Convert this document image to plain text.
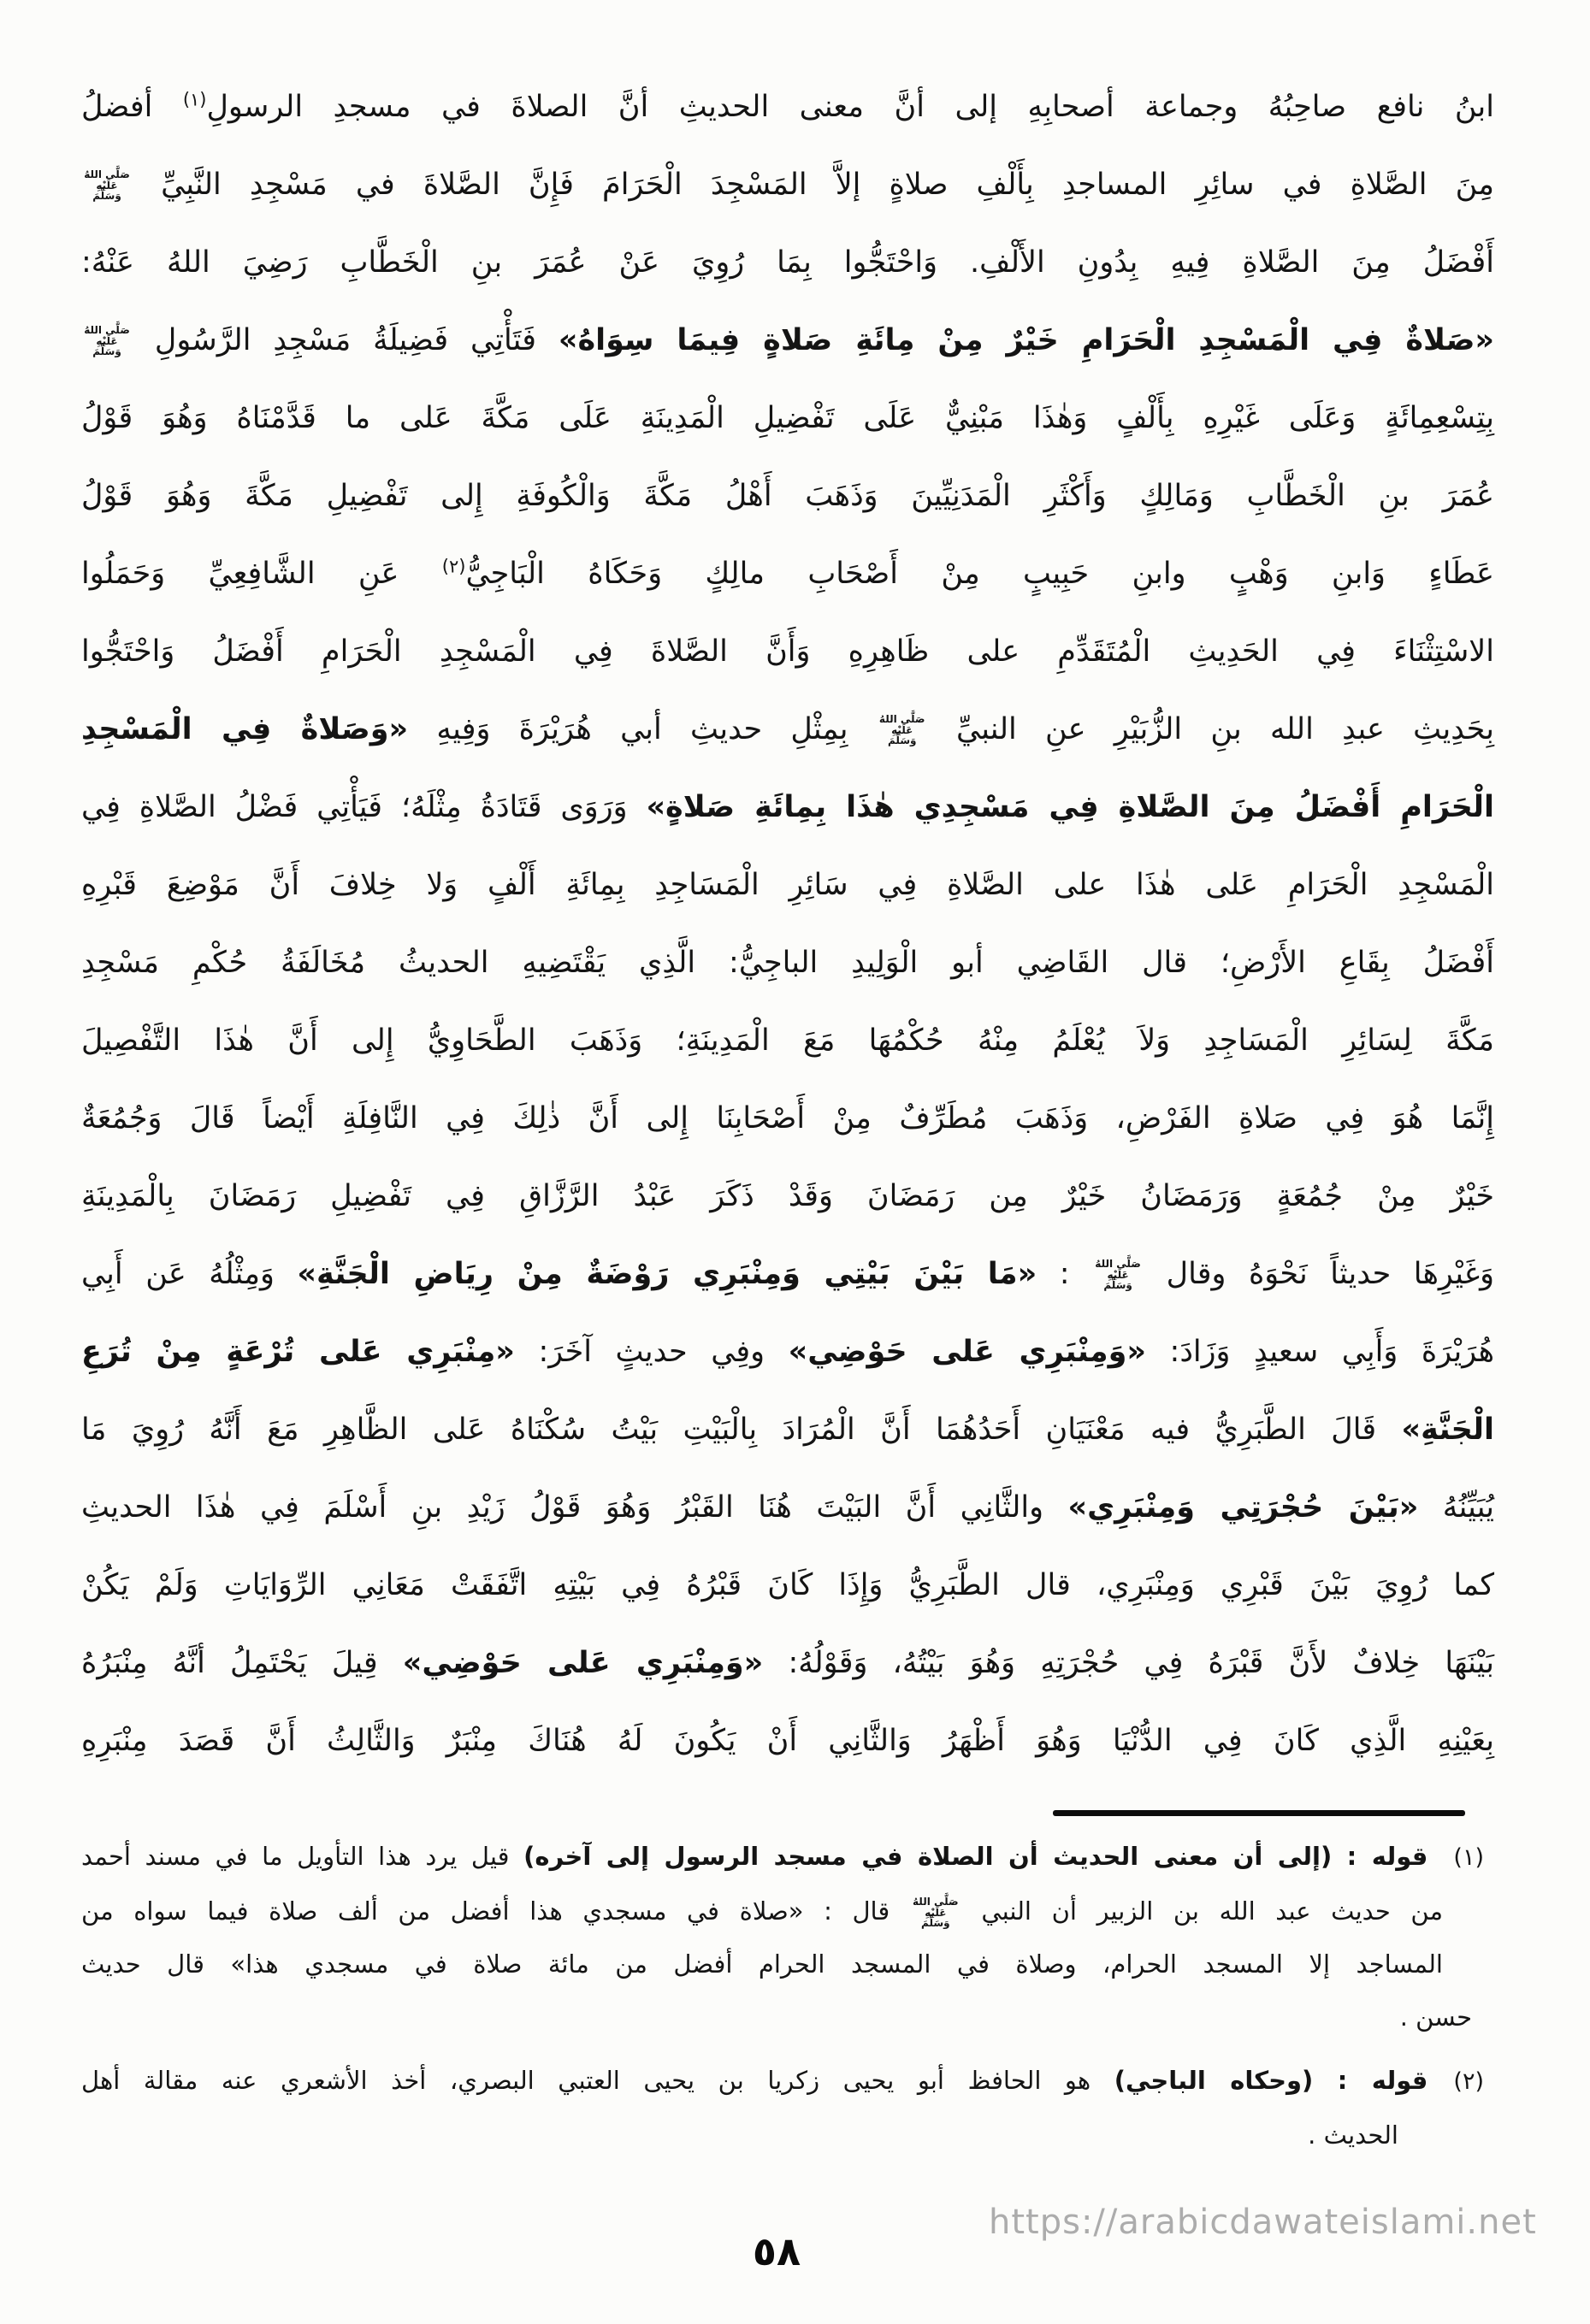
ابنُ نافع صاحِبُهُ وجماعة أصحابِهِ إلى أنَّ معنى الحديثِ أنَّ الصلاةَ في مسجدِ الرسولِ$^{(١)}$ أفضلُ
مِنَ الصَّلاةِ في سائِرِ المساجدِ بِأَلْفِ صلاةٍ إلاَّ المَسْجِدَ الْحَرَامَ فَإِنَّ الصَّلاةَ في مَسْجِدِ النَّبِيِّ
صَلَّى اللهُ
عَلَيْهِ
وَسَلَّمَ
أَفْضَلُ مِنَ الصَّلاةِ فِيهِ بِدُونِ الأَلْفِ. وَاحْتَجُّوا بِمَا رُوِيَ عَنْ عُمَرَ بنِ الْخَطَّابِ رَضِيَ اللهُ عَنْهُ:
«صَلاةٌ فِي الْمَسْجِدِ الْحَرَامِ خَيْرٌ مِنْ مِائَةِ صَلاةٍ فِيمَا سِوَاهُ» فَتَأْتِي فَضِيلَةُ مَسْجِدِ الرَّسُولِ
صَلَّى اللهُ
عَلَيْهِ
وَسَلَّمَ
بِتِسْعِمِائَةٍ وَعَلَى غَيْرِهِ بِأَلْفٍ وَهٰذَا مَبْنِيٌّ عَلَى تَفْضِيلِ الْمَدِينَةِ عَلَى مَكَّةَ عَلى ما قَدَّمْنَاهُ وَهُوَ قَوْلُ
عُمَرَ بنِ الْخَطَّابِ وَمَالِكٍ وَأَكْثَرِ الْمَدَنِيِّينَ وَذَهَبَ أَهْلُ مَكَّةَ وَالْكُوفَةِ إِلى تَفْضِيلِ مَكَّةَ وَهُوَ قَوْلُ
عَطَاءٍ وَابنِ وَهْبٍ وابنِ حَبِيبٍ مِنْ أَصْحَابِ مالِكٍ وَحَكَاهُ الْبَاجِيُّ$^{(٢)}$ عَنِ الشَّافِعِيِّ وَحَمَلُوا
الاسْتِثْنَاءَ فِي الحَدِيثِ الْمُتَقَدِّمِ على ظَاهِرِهِ وَأَنَّ الصَّلاةَ فِي الْمَسْجِدِ الْحَرَامِ أَفْضَلُ وَاحْتَجُّوا
بِحَدِيثِ عبدِ الله بنِ الزُّبَيْرِ عنِ النبيِّ
صَلَّى اللهُ
عَلَيْهِ
وَسَلَّمَ
بِمِثْلِ حديثِ أبي هُرَيْرَةَ وَفِيهِ «وَصَلاةٌ فِي الْمَسْجِدِ
الْحَرَامِ أَفْضَلُ مِنَ الصَّلاةِ فِي مَسْجِدِي هٰذَا بِمِائَةِ صَلاةٍ» وَرَوَى قَتَادَةُ مِثْلَهُ؛ فَيَأْتِي فَضْلُ الصَّلاةِ فِي
الْمَسْجِدِ الْحَرَامِ عَلى هٰذَا على الصَّلاةِ فِي سَائِرِ الْمَسَاجِدِ بِمِائَةِ أَلْفٍ وَلا خِلافَ أَنَّ مَوْضِعَ قَبْرِهِ
أَفْضَلُ بِقَاعِ الأَرْضِ؛ قال القَاضِي أبو الْوَلِيدِ الباجِيُّ: الَّذِي يَقْتَضِيهِ الحديثُ مُخَالَفَةُ حُكْمِ مَسْجِدِ
مَكَّةَ لِسَائِرِ الْمَسَاجِدِ وَلاَ يُعْلَمُ مِنْهُ حُكْمُهَا مَعَ الْمَدِينَةِ؛ وَذَهَبَ الطَّحَاوِيُّ إِلى أَنَّ هٰذَا التَّفْصِيلَ
إِنَّمَا هُوَ فِي صَلاةِ الفَرْضِ، وَذَهَبَ مُطَرِّفٌ مِنْ أَصْحَابِنَا إِلى أَنَّ ذٰلِكَ فِي النَّافِلَةِ أَيْضاً قَالَ وَجُمُعَةٌ
خَيْرٌ مِنْ جُمُعَةٍ وَرَمَضَانُ خَيْرٌ مِن رَمَضَانَ وَقَدْ ذَكَرَ عَبْدُ الرَّزَّاقِ فِي تَفْضِيلِ رَمَضَانَ بِالْمَدِينَةِ
وَغَيْرِهَا حديثاً نَحْوَهُ وقال
صَلَّى اللهُ
عَلَيْهِ
وَسَلَّمَ
: «مَا بَيْنَ بَيْتِي وَمِنْبَرِي رَوْضَةٌ مِنْ رِيَاضِ الْجَنَّةِ» وَمِثْلُهُ عَن أَبِي
هُرَيْرَةَ وَأَبِي سعيدٍ وَزَادَ: «وَمِنْبَرِي عَلى حَوْضِي» وفِي حديثٍ آخَرَ: «مِنْبَرِي عَلى تُرْعَةٍ مِنْ تُرَعِ
الْجَنَّةِ» قَالَ الطَّبَرِيُّ فيه مَعْنَيَانِ أَحَدُهُمَا أَنَّ الْمُرَادَ بِالْبَيْتِ بَيْتُ سُكْنَاهُ عَلى الظَّاهِرِ مَعَ أَنَّهُ رُوِيَ مَا
يُبَيِّنُهُ «بَيْنَ حُجْرَتِي وَمِنْبَرِي» والثَّانِي أَنَّ البَيْتَ هُنَا القَبْرُ وَهُوَ قَوْلُ زَيْدِ بنِ أَسْلَمَ فِي هٰذَا الحديثِ
كما رُوِيَ بَيْنَ قَبْرِي وَمِنْبَرِي، قال الطَّبَرِيُّ وَإِذَا كَانَ قَبْرُهُ فِي بَيْتِهِ اتَّفَقَتْ مَعَانِي الرِّوَايَاتِ وَلَمْ يَكُنْ
بَيْنَهَا خِلافٌ لأَنَّ قَبْرَهُ فِي حُجْرَتِهِ وَهُوَ بَيْتُهُ، وَقَوْلُهُ: «وَمِنْبَرِي عَلى حَوْضِي» قِيلَ يَحْتَمِلُ أنَّهُ مِنْبَرُهُ
بِعَيْنِهِ الَّذِي كَانَ فِي الدُّنْيَا وَهُوَ أَظْهَرُ وَالثَّانِي أَنْ يَكُونَ لَهُ هُنَاكَ مِنْبَرٌ وَالثَّالِثُ أَنَّ قَصَدَ مِنْبَرِهِ
(١)قوله : (إلى أن معنى الحديث أن الصلاة في مسجد الرسول إلى آخره) قيل يرد هذا التأويل ما في مسند أحمد
من حديث عبد الله بن الزبير أن النبي
صَلَّى اللهُ
عَلَيْهِ
وَسَلَّمَ
قال : «صلاة في مسجدي هذا أفضل من ألف صلاة فيما سواه من
المساجد إلا المسجد الحرام، وصلاة في المسجد الحرام أفضل من مائة صلاة في مسجدي هذا» قال حديث
حسن .
(٢)قوله : (وحكاه الباجي) هو الحافظ أبو يحيى زكريا بن يحيى العتبي البصري، أخذ الأشعري عنه مقالة أهل
الحديث .
https://arabicdawateislami.net
٥٨
